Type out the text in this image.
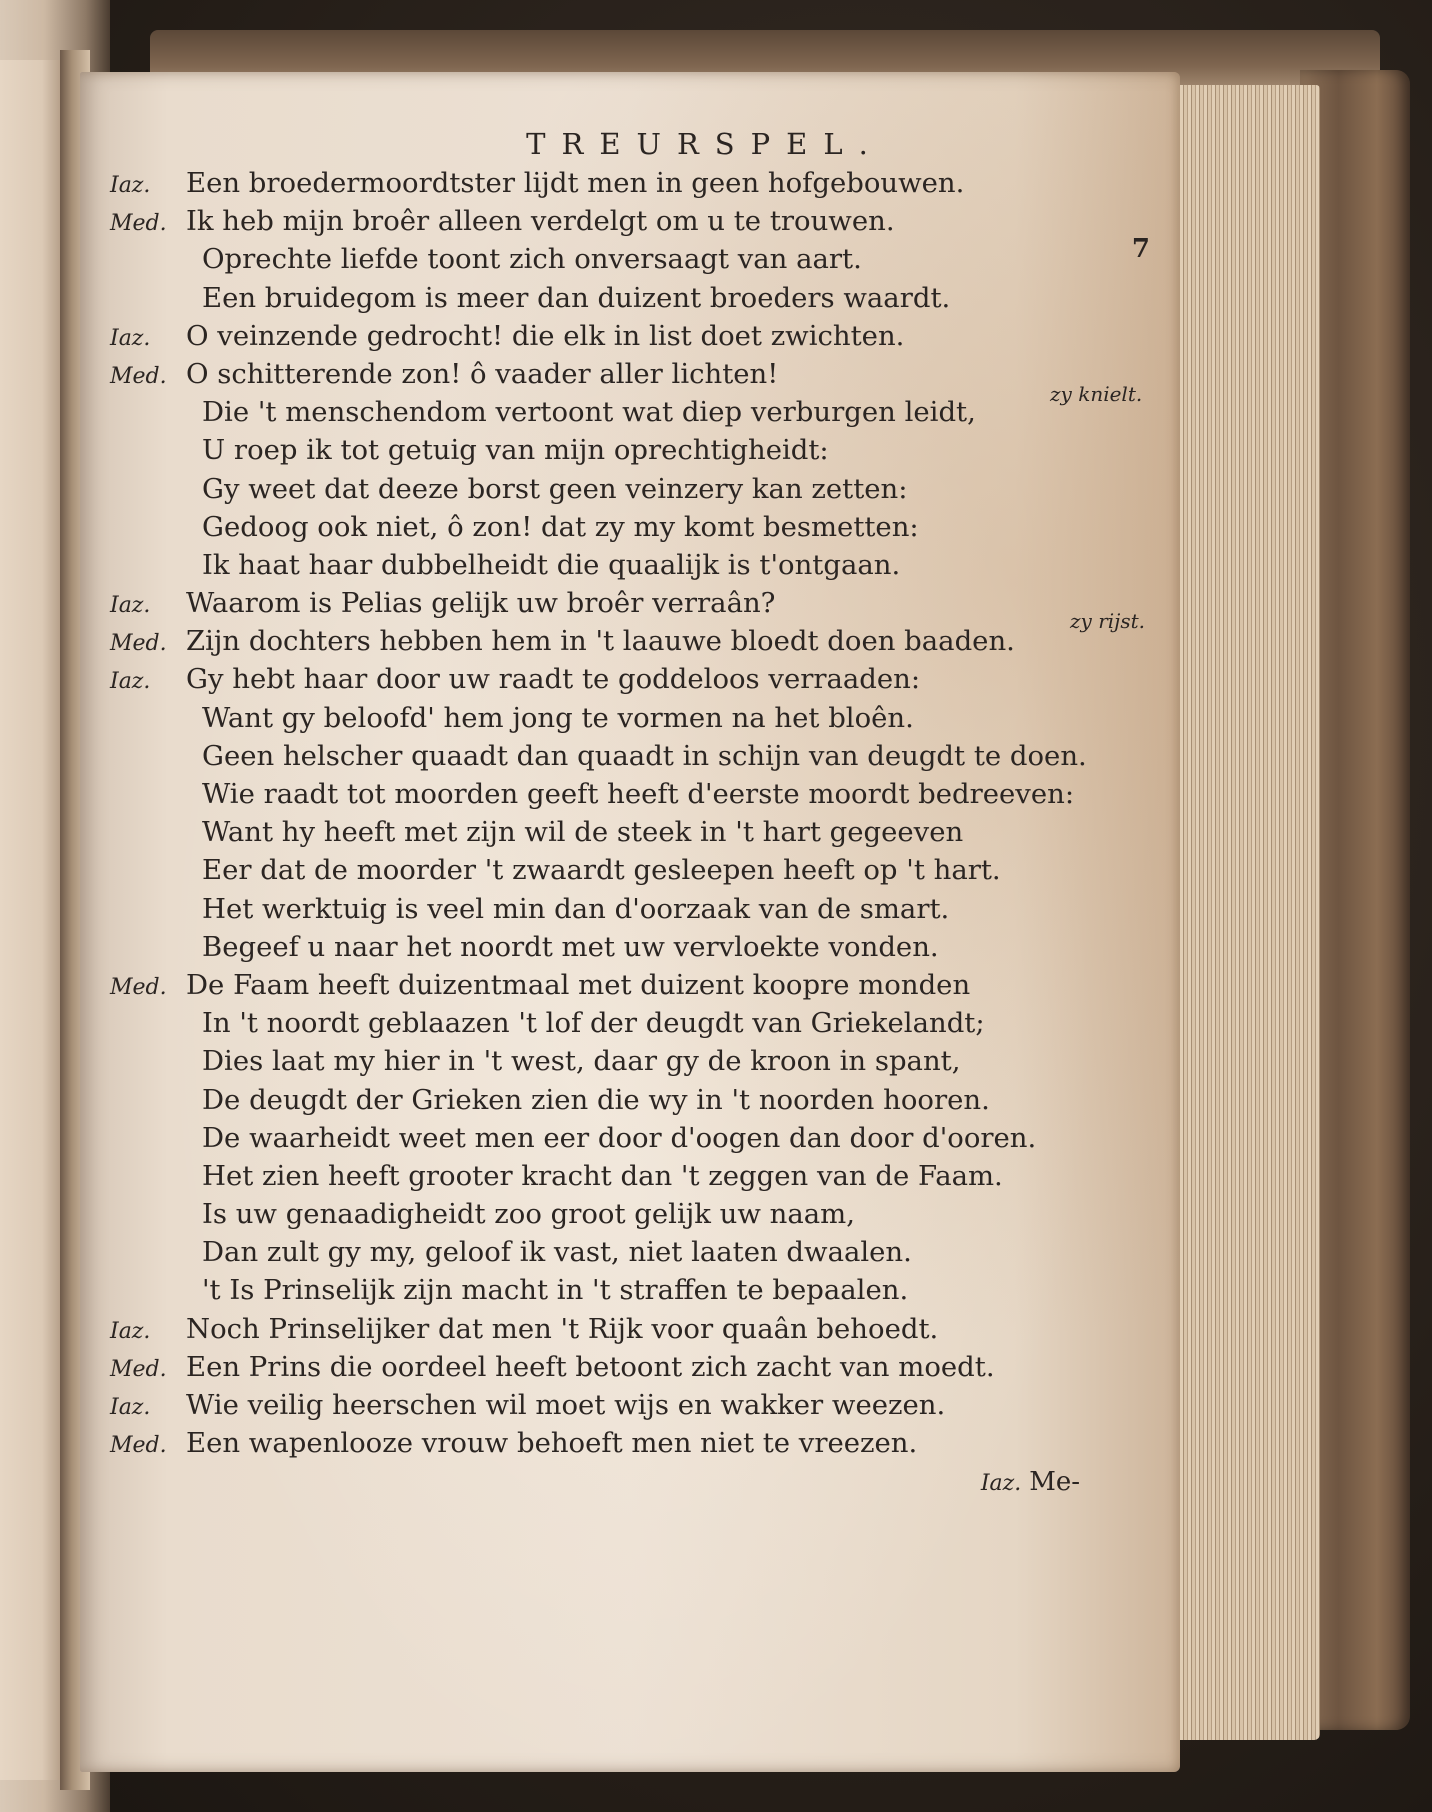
TREURSPEL.
7
Iaz. Een broedermoordtster lijdt men in geen hofgebouwen.
Med. Ik heb mijn broêr alleen verdelgt om u te trouwen.
Oprechte liefde toont zich onversaagt van aart.
Een bruidegom is meer dan duizent broeders waardt.
Iaz. O veinzende gedrocht! die elk in list doet zwichten.
Med. O schitterende zon! ô vaader aller lichten!
zy knielt.
Die 't menschendom vertoont wat diep verburgen leidt,
U roep ik tot getuig van mijn oprechtigheidt:
Gy weet dat deeze borst geen veinzery kan zetten:
Gedoog ook niet, ô zon! dat zy my komt besmetten:
Ik haat haar dubbelheidt die quaalijk is t'ontgaan.
Iaz. Waarom is Pelias gelijk uw broêr verraân?
zy rijst.
Med. Zijn dochters hebben hem in 't laauwe bloedt doen baaden.
Iaz. Gy hebt haar door uw raadt te goddeloos verraaden:
Want gy beloofd' hem jong te vormen na het bloên.
Geen helscher quaadt dan quaadt in schijn van deugdt te doen.
Wie raadt tot moorden geeft heeft d'eerste moordt bedreeven:
Want hy heeft met zijn wil de steek in 't hart gegeeven
Eer dat de moorder 't zwaardt gesleepen heeft op 't hart.
Het werktuig is veel min dan d'oorzaak van de smart.
Begeef u naar het noordt met uw vervloekte vonden.
Med. De Faam heeft duizentmaal met duizent koopre monden
In 't noordt geblaazen 't lof der deugdt van Griekelandt;
Dies laat my hier in 't west, daar gy de kroon in spant,
De deugdt der Grieken zien die wy in 't noorden hooren.
De waarheidt weet men eer door d'oogen dan door d'ooren.
Het zien heeft grooter kracht dan 't zeggen van de Faam.
Is uw genaadigheidt zoo groot gelijk uw naam,
Dan zult gy my, geloof ik vast, niet laaten dwaalen.
't Is Prinselijk zijn macht in 't straffen te bepaalen.
Iaz. Noch Prinselijker dat men 't Rijk voor quaân behoedt.
Med. Een Prins die oordeel heeft betoont zich zacht van moedt.
Iaz. Wie veilig heerschen wil moet wijs en wakker weezen.
Med. Een wapenlooze vrouw behoeft men niet te vreezen.
Iaz. Me-
